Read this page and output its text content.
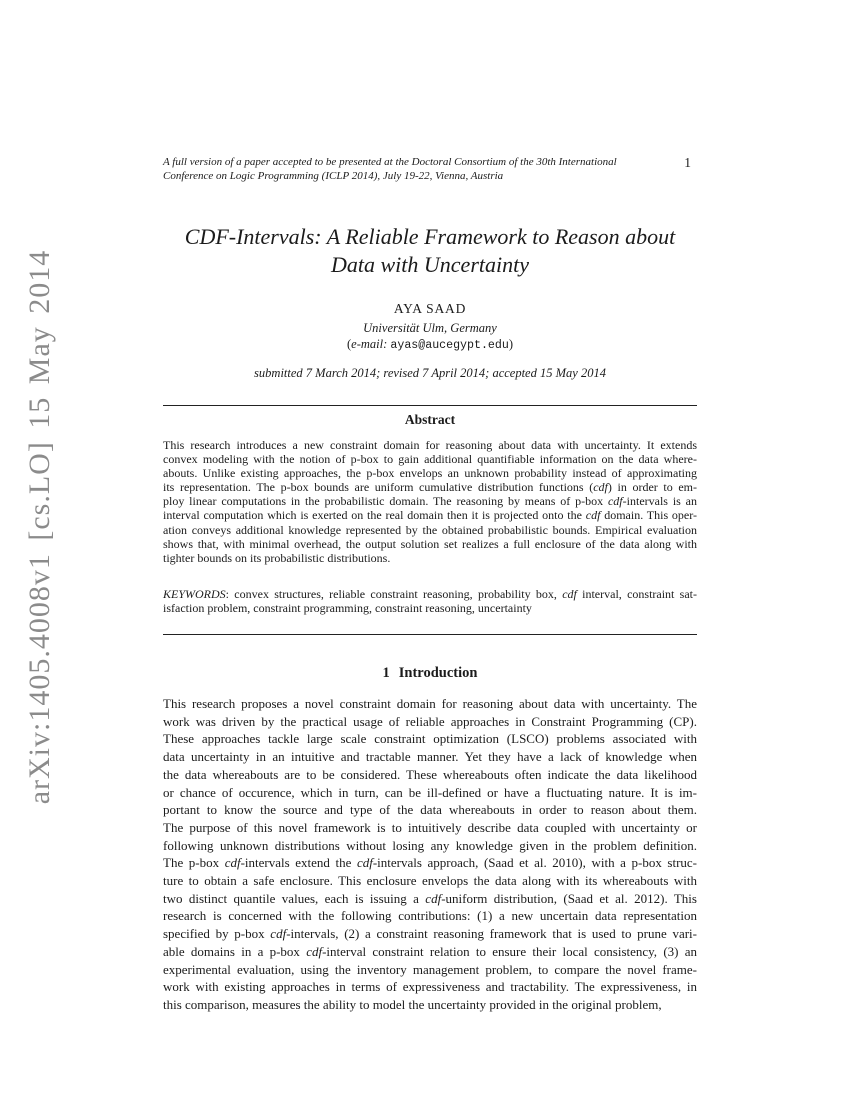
arXiv:1405.4008v1 [cs.LO] 15 May 2014
A full version of a paper accepted to be presented at the Doctoral Consortium of the 30th International
Conference on Logic Programming (ICLP 2014), July 19-22, Vienna, Austria
1
CDF-Intervals: A Reliable Framework to Reason about
Data with Uncertainty
AYA SAAD
Universität Ulm, Germany
(e-mail: ayas@aucegypt.edu)
submitted 7 March 2014; revised 7 April 2014; accepted 15 May 2014
Abstract
This research introduces a new constraint domain for reasoning about data with uncertainty. It extends
convex modeling with the notion of p-box to gain additional quantifiable information on the data where-
abouts. Unlike existing approaches, the p-box envelops an unknown probability instead of approximating
its representation. The p-box bounds are uniform cumulative distribution functions (cdf) in order to em-
ploy linear computations in the probabilistic domain. The reasoning by means of p-box cdf-intervals is an
interval computation which is exerted on the real domain then it is projected onto the cdf domain. This oper-
ation conveys additional knowledge represented by the obtained probabilistic bounds. Empirical evaluation
shows that, with minimal overhead, the output solution set realizes a full enclosure of the data along with
tighter bounds on its probabilistic distributions.
KEYWORDS: convex structures, reliable constraint reasoning, probability box, cdf interval, constraint sat-
isfaction problem, constraint programming, constraint reasoning, uncertainty
1 Introduction
This research proposes a novel constraint domain for reasoning about data with uncertainty. The
work was driven by the practical usage of reliable approaches in Constraint Programming (CP).
These approaches tackle large scale constraint optimization (LSCO) problems associated with
data uncertainty in an intuitive and tractable manner. Yet they have a lack of knowledge when
the data whereabouts are to be considered. These whereabouts often indicate the data likelihood
or chance of occurence, which in turn, can be ill-defined or have a fluctuating nature. It is im-
portant to know the source and type of the data whereabouts in order to reason about them.
The purpose of this novel framework is to intuitively describe data coupled with uncertainty or
following unknown distributions without losing any knowledge given in the problem definition.
The p-box cdf-intervals extend the cdf-intervals approach, (Saad et al. 2010), with a p-box struc-
ture to obtain a safe enclosure. This enclosure envelops the data along with its whereabouts with
two distinct quantile values, each is issuing a cdf-uniform distribution, (Saad et al. 2012). This
research is concerned with the following contributions: (1) a new uncertain data representation
specified by p-box cdf-intervals, (2) a constraint reasoning framework that is used to prune vari-
able domains in a p-box cdf-interval constraint relation to ensure their local consistency, (3) an
experimental evaluation, using the inventory management problem, to compare the novel frame-
work with existing approaches in terms of expressiveness and tractability. The expressiveness, in
this comparison, measures the ability to model the uncertainty provided in the original problem,
